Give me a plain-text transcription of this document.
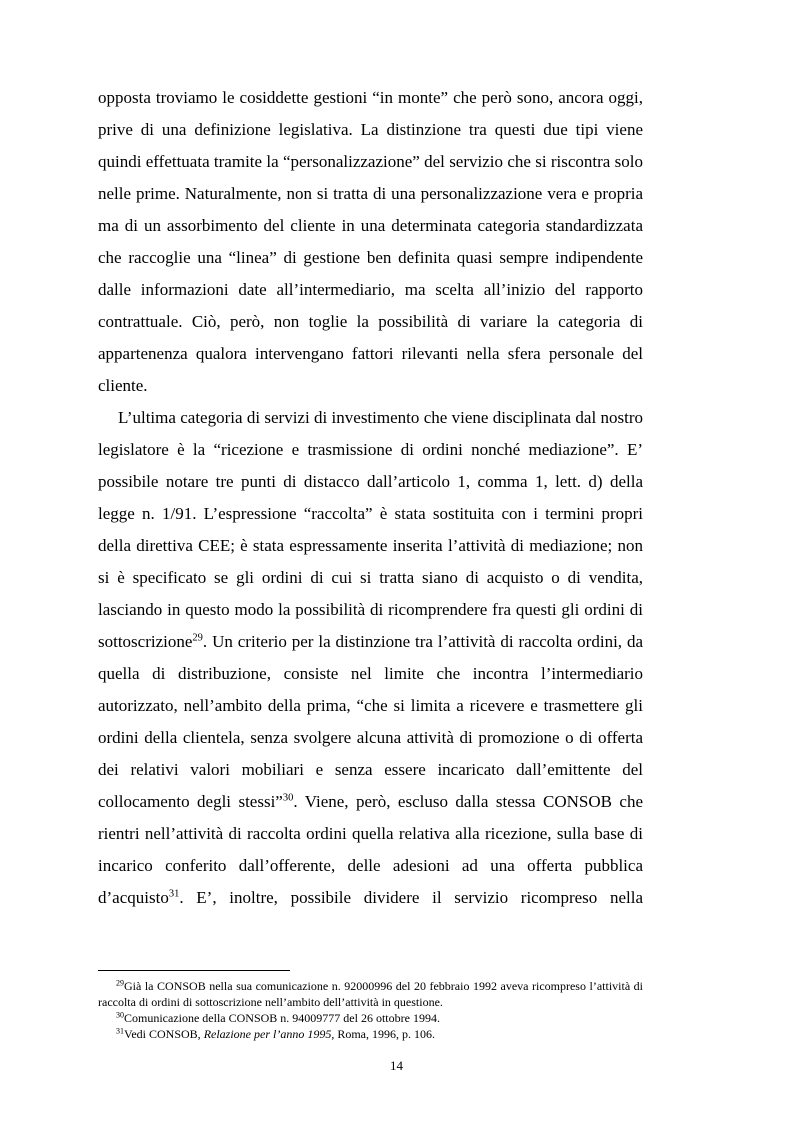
opposta troviamo le cosiddette gestioni “in monte” che però sono, ancora oggi, prive di una definizione legislativa. La distinzione tra questi due tipi viene quindi effettuata tramite la “personalizzazione” del servizio che si riscontra solo nelle prime. Naturalmente, non si tratta di una personalizzazione vera e propria ma di un assorbimento del cliente in una determinata categoria standardizzata che raccoglie una “linea” di gestione ben definita quasi sempre indipendente dalle informazioni date all’intermediario, ma scelta all’inizio del rapporto contrattuale. Ciò, però, non toglie la possibilità di variare la categoria di appartenenza qualora intervengano fattori rilevanti nella sfera personale del cliente.

L’ultima categoria di servizi di investimento che viene disciplinata dal nostro legislatore è la “ricezione e trasmissione di ordini nonché mediazione”. E’ possibile notare tre punti di distacco dall’articolo 1, comma 1, lett. d) della legge n. 1/91. L’espressione “raccolta” è stata sostituita con i termini propri della direttiva CEE; è stata espressamente inserita l’attività di mediazione; non si è specificato se gli ordini di cui si tratta siano di acquisto o di vendita, lasciando in questo modo la possibilità di ricomprendere fra questi gli ordini di sottoscrizione$^{29}$. Un criterio per la distinzione tra l’attività di raccolta ordini, da quella di distribuzione, consiste nel limite che incontra l’intermediario autorizzato, nell’ambito della prima, “che si limita a ricevere e trasmettere gli ordini della clientela, senza svolgere alcuna attività di promozione o di offerta dei relativi valori mobiliari e senza essere incaricato dall’emittente del collocamento degli stessi”$^{30}$. Viene, però, escluso dalla stessa CONSOB che rientri nell’attività di raccolta ordini quella relativa alla ricezione, sulla base di incarico conferito dall’offerente, delle adesioni ad una offerta pubblica d’acquisto$^{31}$. E’, inoltre, possibile dividere il servizio ricompreso nella

$^{29}$Già la CONSOB nella sua comunicazione n. 92000996 del 20 febbraio 1992 aveva ricompreso l’attività di raccolta di ordini di sottoscrizione nell’ambito dell’attività in questione.

$^{30}$Comunicazione della CONSOB n. 94009777 del 26 ottobre 1994.

$^{31}$Vedi CONSOB, Relazione per l’anno 1995, Roma, 1996, p. 106.

14
